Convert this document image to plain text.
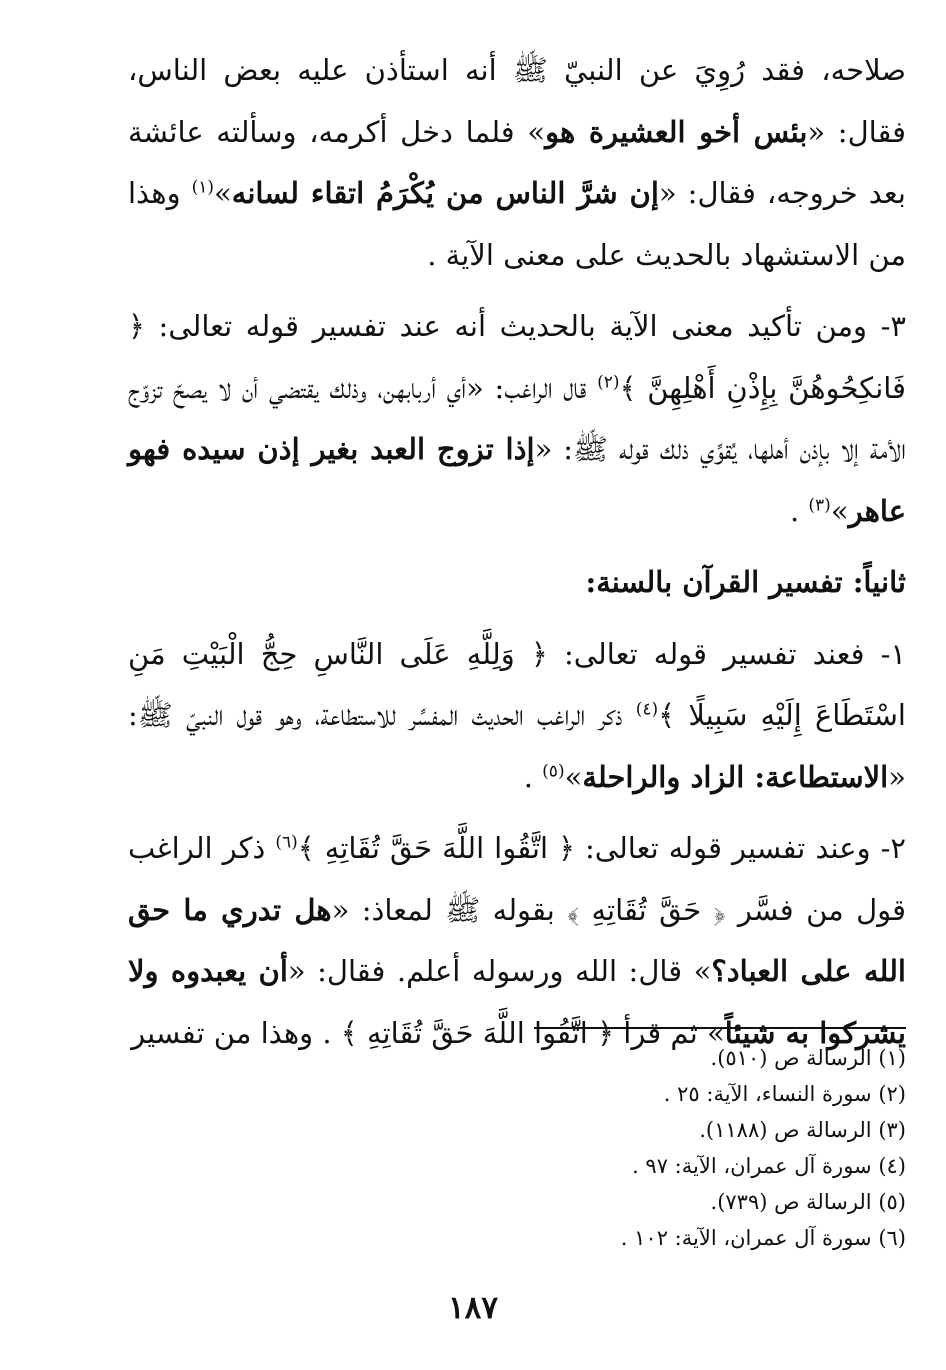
صلاحه، فقد رُوِيَ عن النبيّ ﷺ أنه استأذن عليه بعض الناس، فقال: «بئس أخو العشيرة هو» فلما دخل أكرمه، وسألته عائشة بعد خروجه، فقال: «إن شرَّ الناس من يُكْرَمُ اتقاء لسانه»$^{(١)}$ وهذا من الاستشهاد بالحديث على معنى الآية .
٣- ومن تأكيد معنى الآية بالحديث أنه عند تفسير قوله تعالى: ﴿ فَانكِحُوهُنَّ بِإِذْنِ أَهْلِهِنَّ ﴾$^{(٢)}$ قال الراغب: «أي أربابهن، وذلك يقتضي أن لا يصحّ تزوّج الأمة إلا بإذن أهلها، يُقوِّي ذلك قوله ﷺ: «إذا تزوج العبد بغير إذن سيده فهو عاهر»$^{(٣)}$ .
ثانياً: تفسير القرآن بالسنة:
١- فعند تفسير قوله تعالى: ﴿ وَلِلَّهِ عَلَى النَّاسِ حِجُّ الْبَيْتِ مَنِ اسْتَطَاعَ إِلَيْهِ سَبِيلًا ﴾$^{(٤)}$ ذكر الراغب الحديث المفسِّر للاستطاعة، وهو قول النبيّ ﷺ: «الاستطاعة: الزاد والراحلة»$^{(٥)}$ .
٢- وعند تفسير قوله تعالى: ﴿ اتَّقُوا اللَّهَ حَقَّ تُقَاتِهِ ﴾$^{(٦)}$ ذكر الراغب قول من فسَّر ﴿ حَقَّ تُقَاتِهِ ﴾ بقوله ﷺ لمعاذ: «هل تدري ما حق الله على العباد؟» قال: الله ورسوله أعلم. فقال: «أن يعبدوه ولا يشركوا به شيئاً» ثم قرأ ﴿ اتَّقُوا اللَّهَ حَقَّ تُقَاتِهِ ﴾ . وهذا من تفسير
(١) الرسالة ص (٥١٠).
(٢) سورة النساء، الآية: ٢٥ .
(٣) الرسالة ص (١١٨٨).
(٤) سورة آل عمران، الآية: ٩٧ .
(٥) الرسالة ص (٧٣٩).
(٦) سورة آل عمران، الآية: ١٠٢ .
١٨٧
